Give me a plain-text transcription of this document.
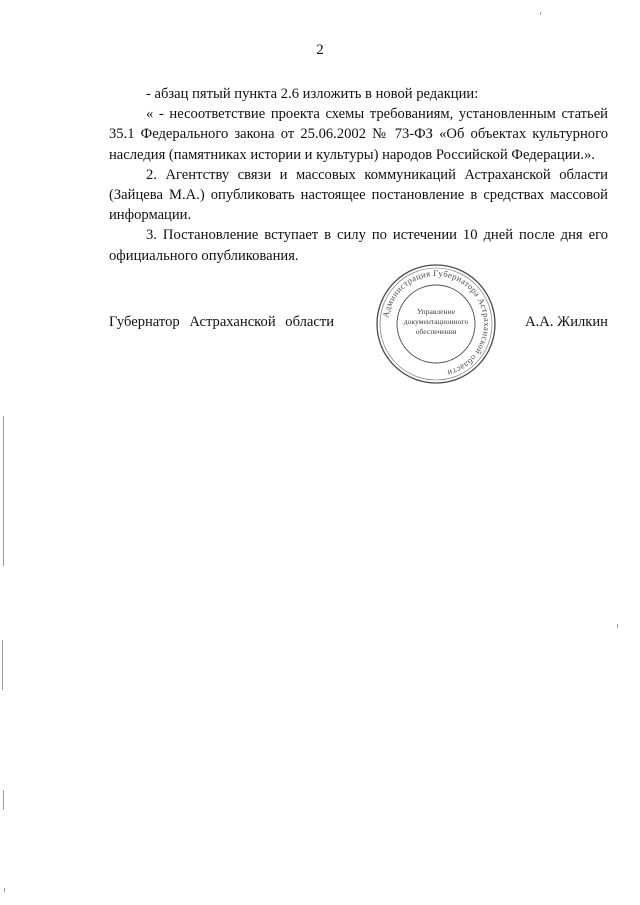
2

- абзац пятый пункта 2.6 изложить в новой редакции:

« - несоответствие проекта схемы требованиям, установленным статьей 35.1 Федерального закона от 25.06.2002 № 73-ФЗ «Об объектах культурного наследия (памятниках истории и культуры) народов Российской Федерации.».

2. Агентству связи и массовых коммуникаций Астраханской области (Зайцева М.А.) опубликовать настоящее постановление в средствах массовой информации.

3. Постановление вступает в силу по истечении 10 дней после дня его официального опубликования.

Губернатор Астраханской области	А.А. Жилкин
Администрация Губернатора Астраханской области
Управление
документационного
обеспечения
